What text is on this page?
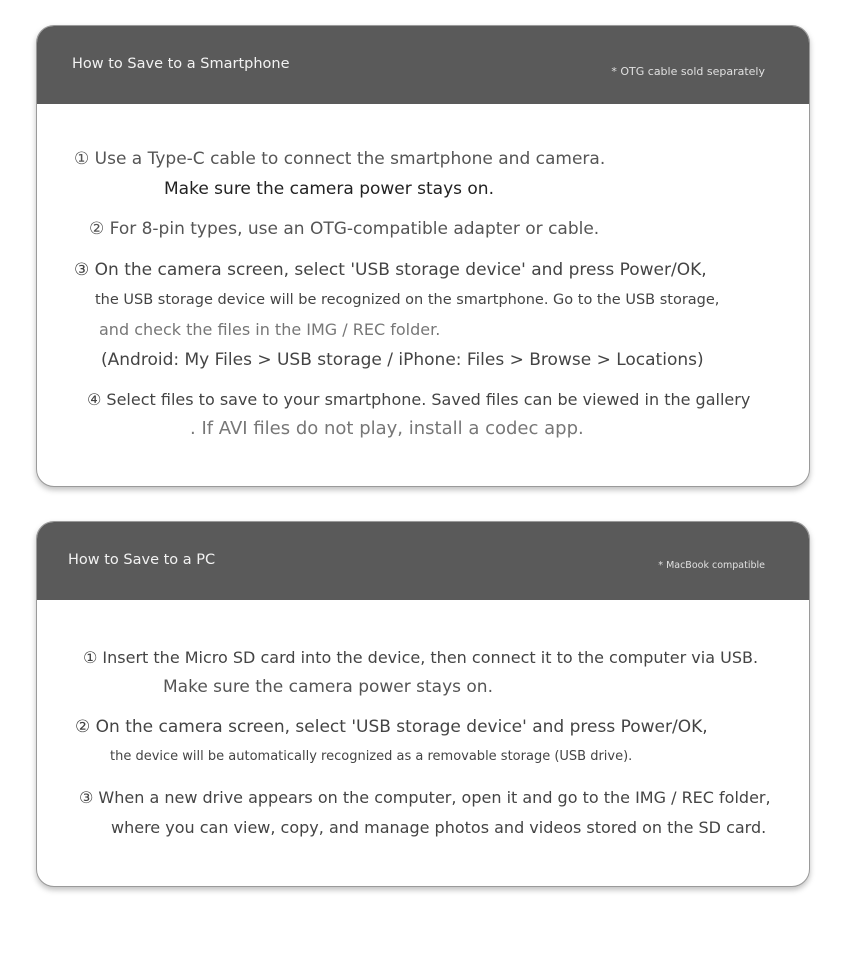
How to Save to a Smartphone	* OTG cable sold separately
① Use a Type-C cable to connect the smartphone and camera.
Make sure the camera power stays on.
② For 8-pin types, use an OTG-compatible adapter or cable.
③ On the camera screen, select 'USB storage device' and press Power/OK,
the USB storage device will be recognized on the smartphone. Go to the USB storage,
and check the files in the IMG / REC folder.
(Android: My Files > USB storage / iPhone: Files > Browse > Locations)
④ Select files to save to your smartphone. Saved files can be viewed in the gallery
. If AVI files do not play, install a codec app.
How to Save to a PC	* MacBook compatible
① Insert the Micro SD card into the device, then connect it to the computer via USB.
Make sure the camera power stays on.
② On the camera screen, select 'USB storage device' and press Power/OK,
the device will be automatically recognized as a removable storage (USB drive).
③ When a new drive appears on the computer, open it and go to the IMG / REC folder,
where you can view, copy, and manage photos and videos stored on the SD card.
